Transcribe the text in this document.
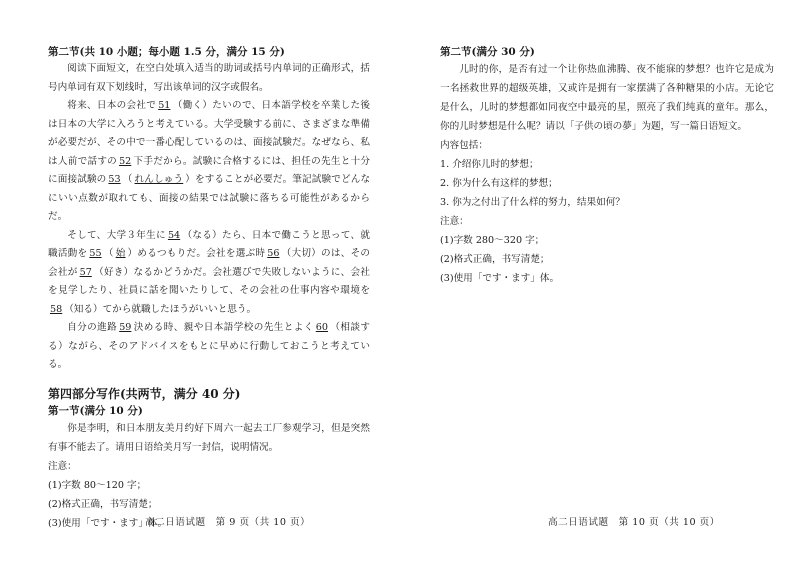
第二节(共 10 小题；每小题 1.5 分，满分 15 分)

阅读下面短文，在空白处填入适当的助词或括号内单词的正确形式，括号内单词有双下划线时，写出该单词的汉字或假名。

将来、日本の会社で 51 （働く）たいので、日本語学校を卒業した後は日本の大学に入ろうと考えている。大学受験する前に、さまざまな準備が必要だが、その中で一番心配しているのは、面接試験だ。なぜなら、私は人前で話すの 52 下手だから。試験に合格するには、担任の先生と十分に面接試験の 53 （ れんしゅう ）をすることが必要だ。筆記試験でどんなにいい点数が取れても、面接の結果では試験に落ちる可能性があるからだ。

そして、大学３年生に 54 （なる）たら、日本で働こうと思って、就職活動を 55 （ 始 ）めるつもりだ。会社を選ぶ時 56 （大切）のは、その会社が 57 （好き）なるかどうかだ。会社選びで失敗しないように、会社を見学したり、社員に話を聞いたりして、その会社の仕事内容や環境を58 （知る）てから就職したほうがいいと思う。

自分の進路 59 決める時、親や日本語学校の先生とよく 60 （相談する）ながら、そのアドバイスをもとに早めに行動しておこうと考えている。

第四部分写作(共两节，满分 40 分)

第一节(满分 10 分)

你是李明，和日本朋友美月约好下周六一起去工厂参观学习，但是突然有事不能去了。请用日语给美月写一封信，说明情况。

注意：

(1)字数 80～120 字；

(2)格式正确，书写清楚；

(3)使用「です・ます」体。

高二日语试题　第 9 页（共 10 页）

第二节(满分 30 分)

儿时的你，是否有过一个让你热血沸腾、夜不能寐的梦想？也许它是成为一名拯救世界的超级英雄，又或许是拥有一家摆满了各种糖果的小店。无论它是什么，儿时的梦想都如同夜空中最亮的星，照亮了我们纯真的童年。那么，你的儿时梦想是什么呢？请以「子供の頃の夢」为题，写一篇日语短文。

内容包括：

1. 介绍你儿时的梦想；

2. 你为什么有这样的梦想；

3. 你为之付出了什么样的努力，结果如何？

注意：

(1)字数 280～320 字；

(2)格式正确，书写清楚；

(3)使用「です・ます」体。

高二日语试题　第 10 页（共 10 页）
